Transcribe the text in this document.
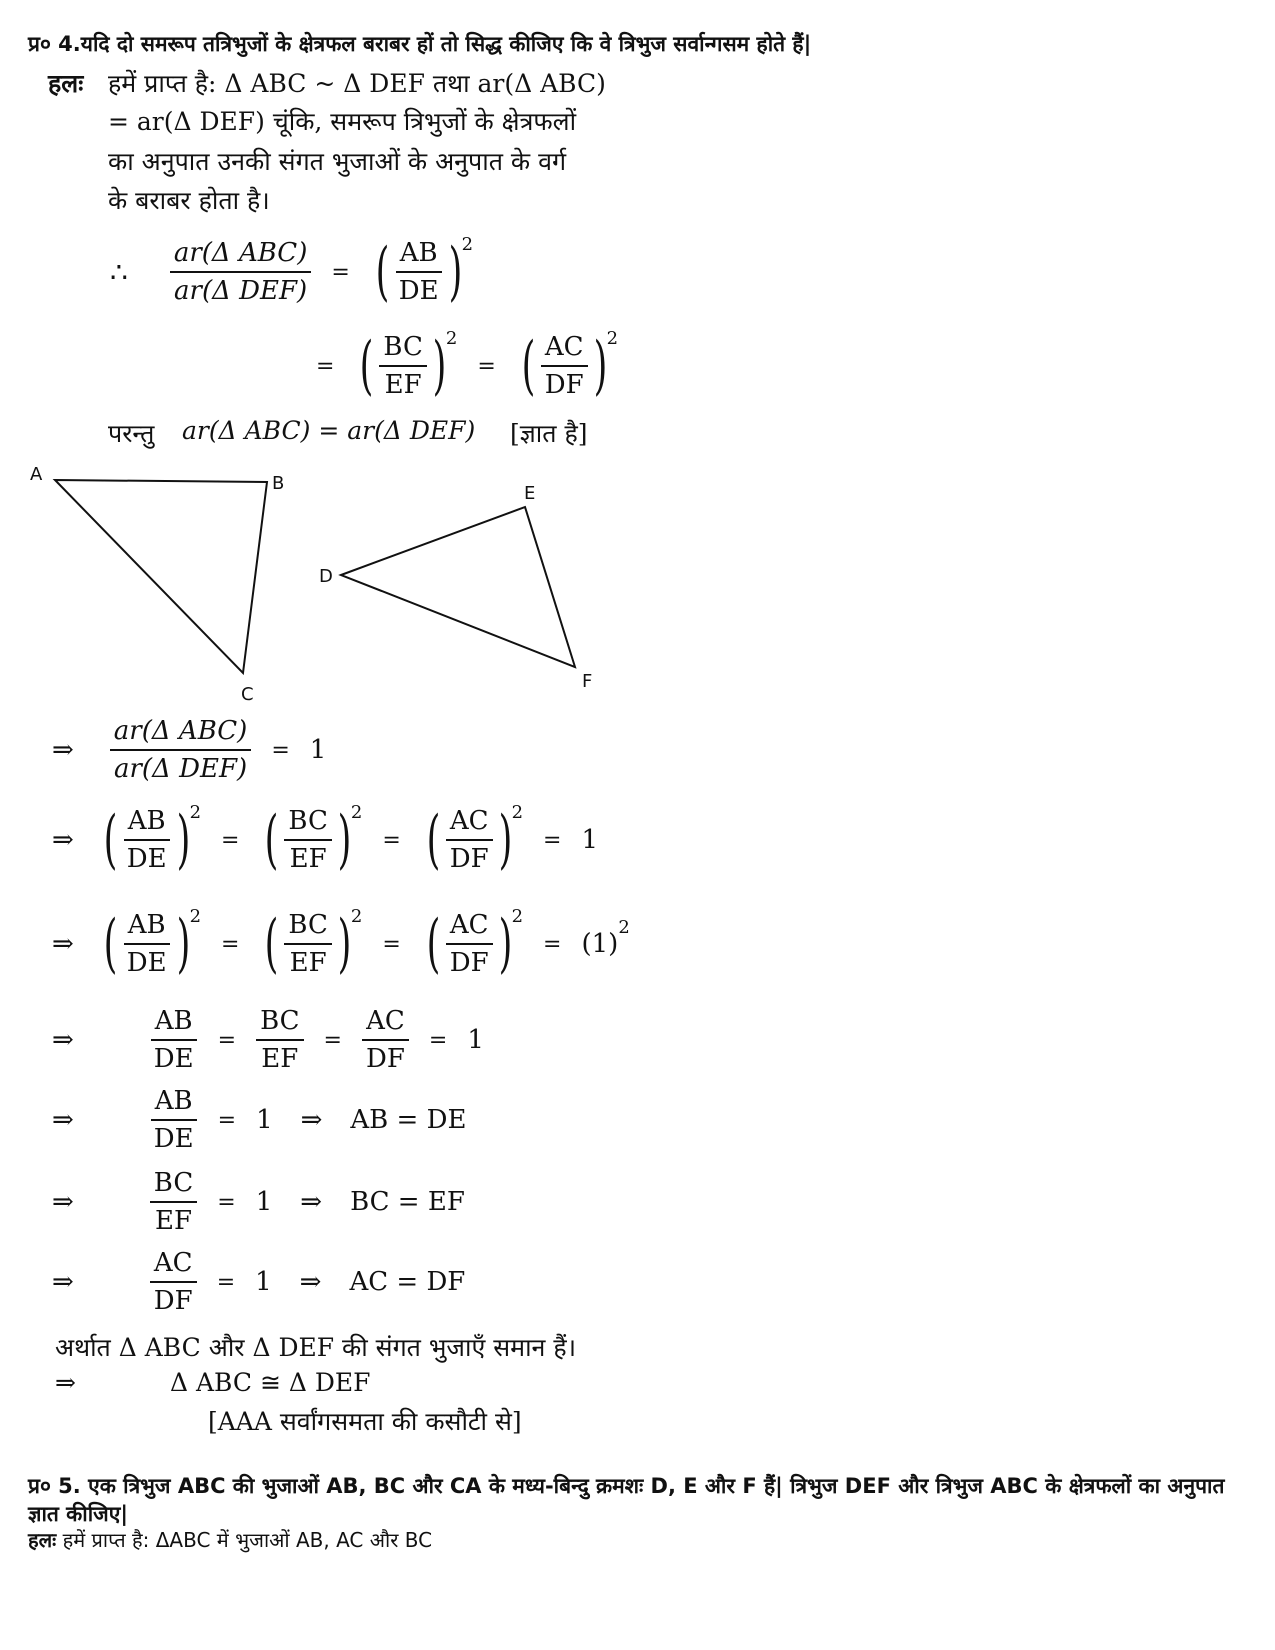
प्र० 4.यदि दो समरूप तत्रिभुजों के क्षेत्रफल बराबर हों तो सिद्ध कीजिए कि वे त्रिभुज सर्वान्गसम होते हैं|
हलः हमें प्राप्त है: Δ ABC ~ Δ DEF तथा ar(Δ ABC)
= ar(Δ DEF) चूंकि, समरूप त्रिभुजों के क्षेत्रफलों
का अनुपात उनकी संगत भुजाओं के अनुपात के वर्ग
के बराबर होता है।
∴ $\frac{\text{ar(Δ ABC)}}{\text{ar(Δ DEF)}}$ = ( $\frac{AB}{DE}$ ) 2
= ( $\frac{BC}{EF}$ ) 2
= ( $\frac{AC}{DF}$ ) 2
परन्तु ar(Δ ABC) = ar(Δ DEF) [ज्ञात है]
A	B
C
D
E
F
⇒ $\frac{\text{ar(Δ ABC)}}{\text{ar(Δ DEF)}} = 1$
⇒ ( $\frac{AB}{DE}$ ) 2
= ( $\frac{BC}{EF}$ ) 2
= ( $\frac{AC}{DF}$ ) 2
= 1
⇒ ( $\frac{AB}{DE}$ ) 2
= ( $\frac{BC}{EF}$ ) 2
= ( $\frac{AC}{DF}$ ) 2
= $(1)^2$
⇒	$\frac{AB}{DE} = \frac{BC}{EF} = \frac{AC}{DF} = 1$
⇒	$\frac{AB}{DE} = 1$ ⇒ AB = DE
⇒	$\frac{BC}{EF} = 1$ ⇒ BC = EF
⇒	$\frac{AC}{DF} = 1$ ⇒ AC = DF
अर्थात Δ ABC और Δ DEF की संगत भुजाएँ समान हैं।
⇒	Δ ABC ≅ Δ DEF
[AAA सर्वांगसमता की कसौटी से]
प्र० 5. एक त्रिभुज ABC की भुजाओं AB, BC और CA के मध्य-बिन्दु क्रमशः D, E और F हैं| त्रिभुज DEF और त्रिभुज ABC के क्षेत्रफलों का अनुपात
ज्ञात कीजिए|
हलः हमें प्राप्त है: ΔABC में भुजाओं AB, AC और BC
